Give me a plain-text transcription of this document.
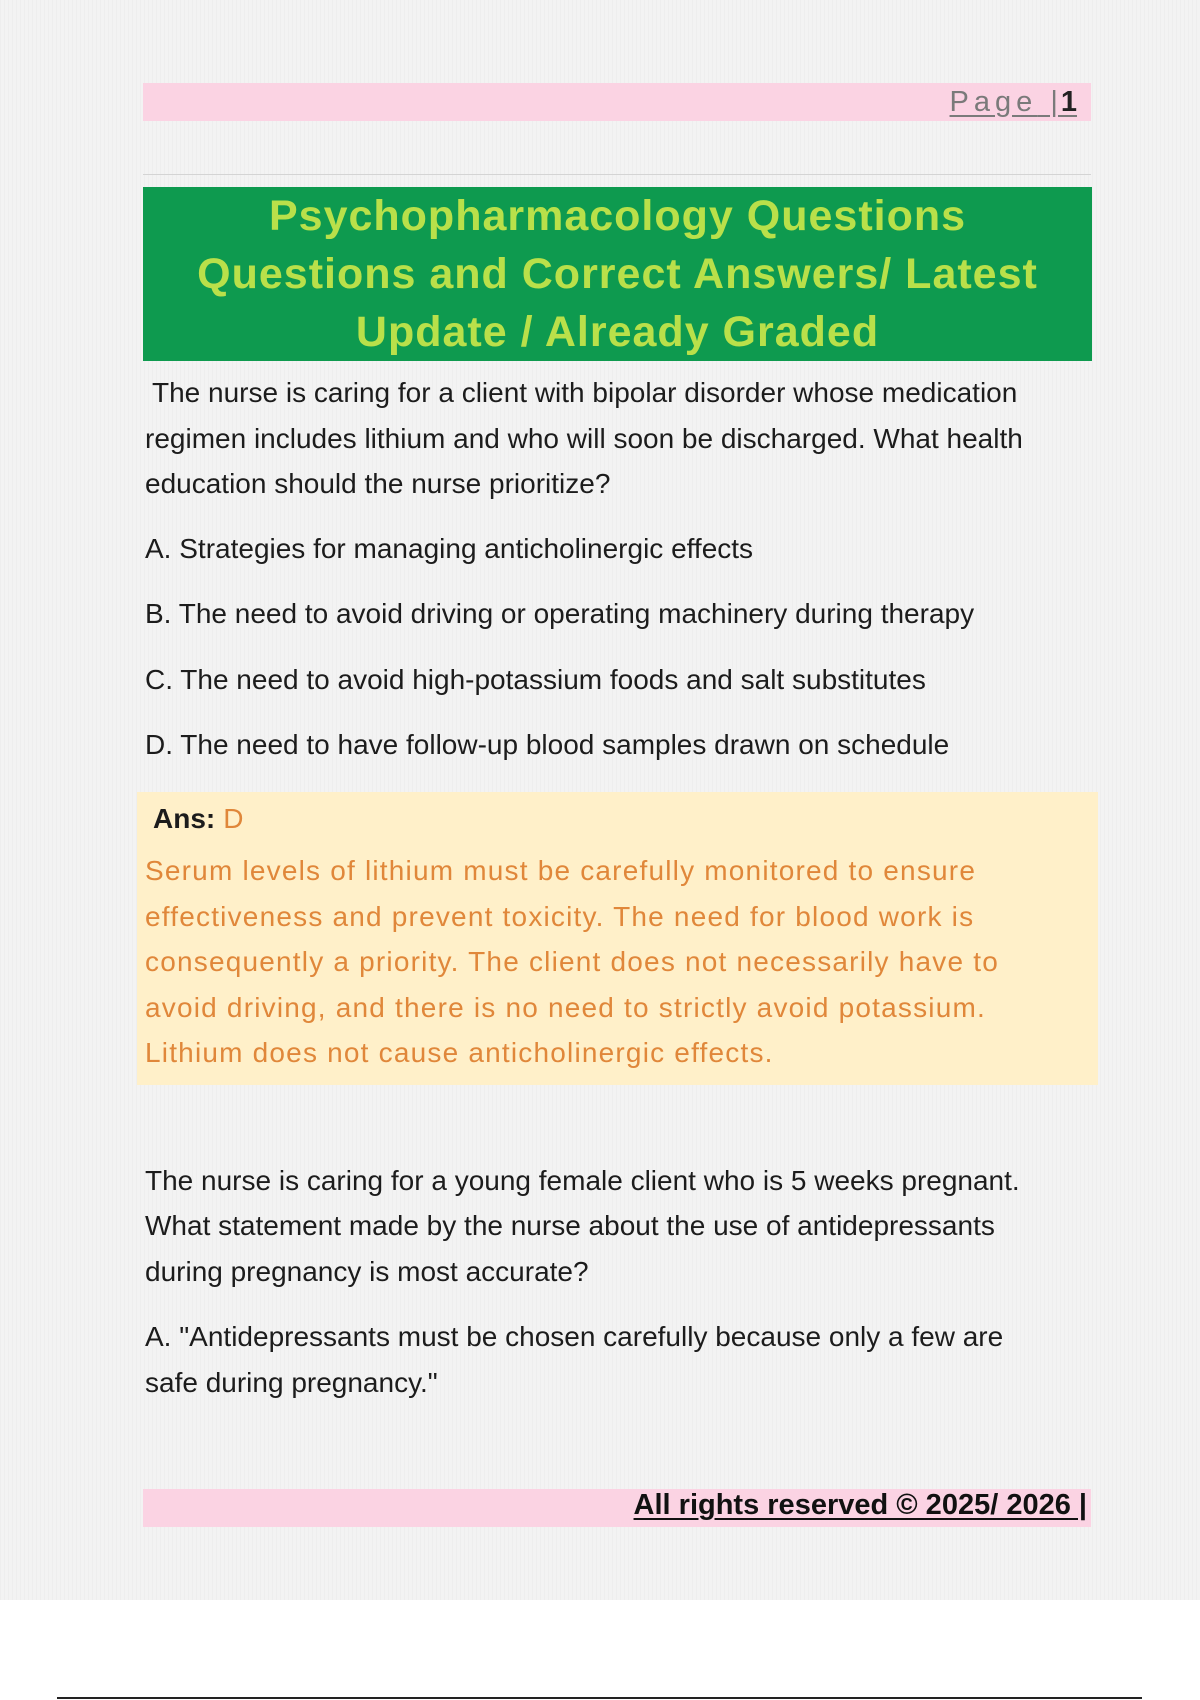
Page |1
Psychopharmacology Questions
Questions and Correct Answers/ Latest
Update / Already Graded
The nurse is caring for a client with bipolar disorder whose medication
regimen includes lithium and who will soon be discharged. What health
education should the nurse prioritize?
A. Strategies for managing anticholinergic effects
B. The need to avoid driving or operating machinery during therapy
C. The need to avoid high-potassium foods and salt substitutes
D. The need to have follow-up blood samples drawn on schedule
Ans: D
Serum levels of lithium must be carefully monitored to ensure
effectiveness and prevent toxicity. The need for blood work is
consequently a priority. The client does not necessarily have to
avoid driving, and there is no need to strictly avoid potassium.
Lithium does not cause anticholinergic effects.
The nurse is caring for a young female client who is 5 weeks pregnant.
What statement made by the nurse about the use of antidepressants
during pregnancy is most accurate?
A. "Antidepressants must be chosen carefully because only a few are
safe during pregnancy."
All rights reserved © 2025/ 2026 |
